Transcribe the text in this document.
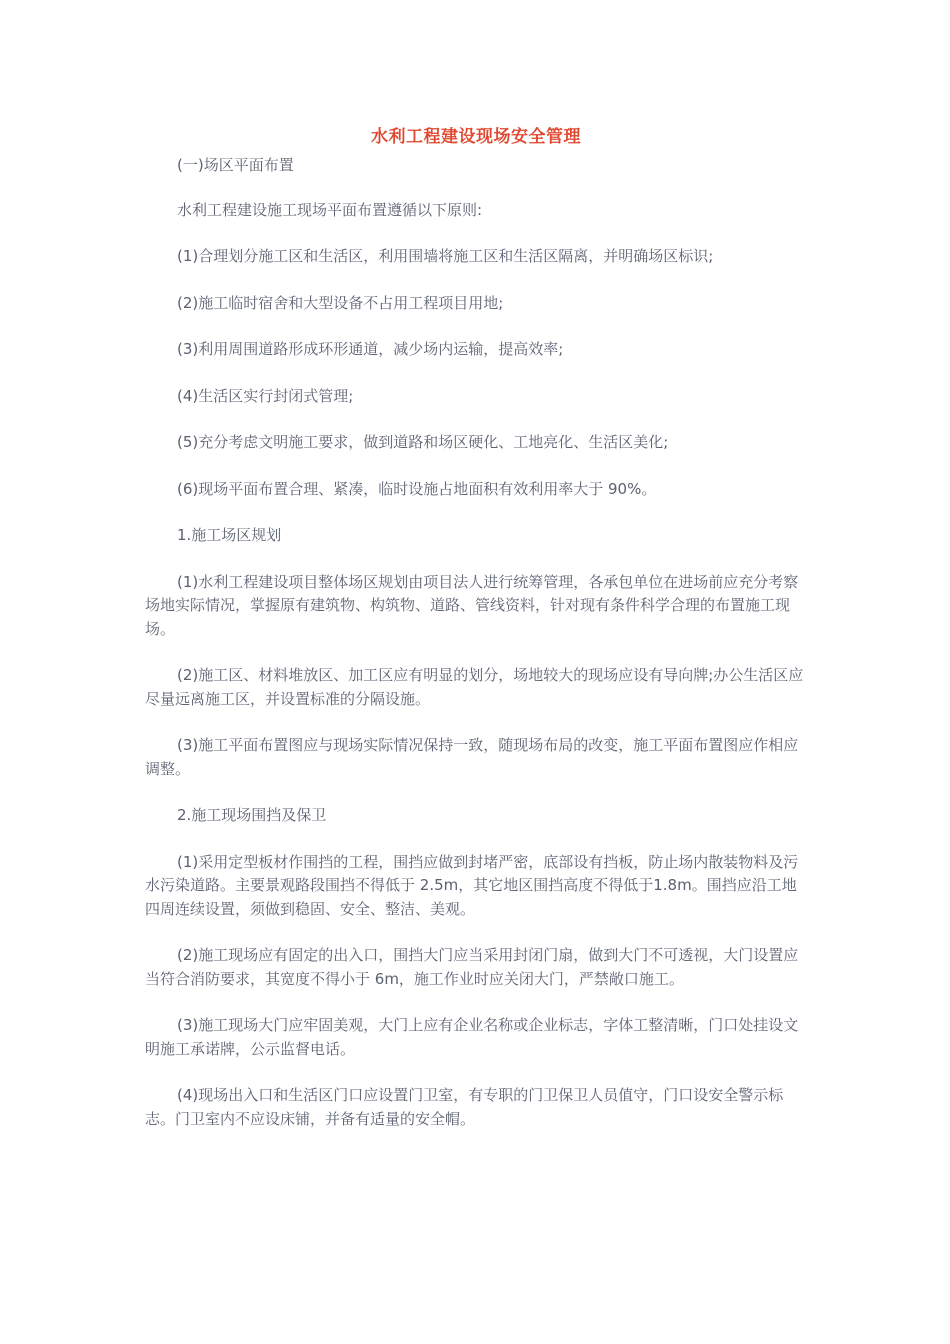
水利工程建设现场安全管理

(一)场区平面布置

水利工程建设施工现场平面布置遵循以下原则:

(1)合理划分施工区和生活区，利用围墙将施工区和生活区隔离，并明确场区标识;

(2)施工临时宿舍和大型设备不占用工程项目用地;

(3)利用周围道路形成环形通道，减少场内运输，提高效率;

(4)生活区实行封闭式管理;

(5)充分考虑文明施工要求，做到道路和场区硬化、工地亮化、生活区美化;

(6)现场平面布置合理、紧凑，临时设施占地面积有效利用率大于 90%。

1.施工场区规划

(1)水利工程建设项目整体场区规划由项目法人进行统筹管理，各承包单位在进场前应充分考察场地实际情况，掌握原有建筑物、构筑物、道路、管线资料，针对现有条件科学合理的布置施工现场。

(2)施工区、材料堆放区、加工区应有明显的划分，场地较大的现场应设有导向牌;办公生活区应尽量远离施工区，并设置标准的分隔设施。

(3)施工平面布置图应与现场实际情况保持一致，随现场布局的改变，施工平面布置图应作相应调整。

2.施工现场围挡及保卫

(1)采用定型板材作围挡的工程，围挡应做到封堵严密，底部设有挡板，防止场内散装物料及污水污染道路。主要景观路段围挡不得低于 2.5m，其它地区围挡高度不得低于1.8m。围挡应沿工地四周连续设置，须做到稳固、安全、整洁、美观。

(2)施工现场应有固定的出入口，围挡大门应当采用封闭门扇，做到大门不可透视，大门设置应当符合消防要求，其宽度不得小于 6m，施工作业时应关闭大门，严禁敞口施工。

(3)施工现场大门应牢固美观，大门上应有企业名称或企业标志，字体工整清晰，门口处挂设文明施工承诺牌，公示监督电话。

(4)现场出入口和生活区门口应设置门卫室，有专职的门卫保卫人员值守，门口设安全警示标志。门卫室内不应设床铺，并备有适量的安全帽。
